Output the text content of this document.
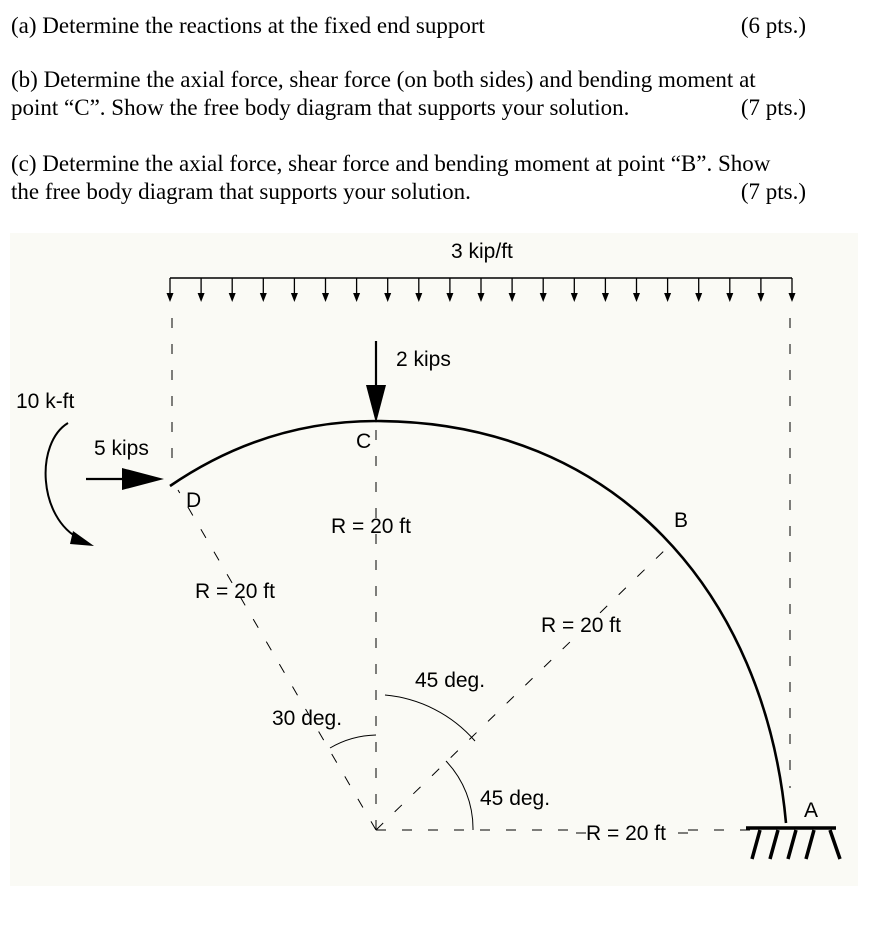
(a) Determine the reactions at the fixed end support	(6 pts.)
(b) Determine the axial force, shear force (on both sides) and bending moment at
point “C”. Show the free body diagram that supports your solution.	(7 pts.)
(c) Determine the axial force, shear force and bending moment at point “B”. Show
the free body diagram that supports your solution.	(7 pts.)
3 kip/ft
2 kips
5 kips
10 k-ft
C
D
B
A
R = 20 ft
R = 20 ft
R = 20 ft
R = 20 ft
30 deg.
45 deg.
45 deg.
